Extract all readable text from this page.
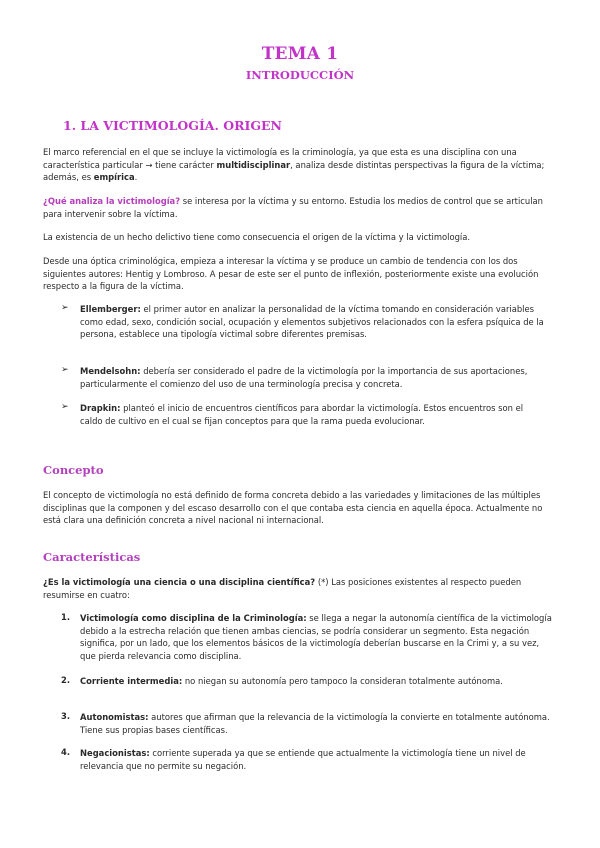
TEMA 1
INTRODUCCIÓN
1. LA VICTIMOLOGÍA. ORIGEN

El marco referencial en el que se incluye la victimología es la criminología, ya que esta es una disciplina con una característica particular → tiene carácter multidisciplinar, analiza desde distintas perspectivas la figura de la víctima; además, es empírica.

¿Qué analiza la victimología? se interesa por la víctima y su entorno. Estudia los medios de control que se articulan para intervenir sobre la víctima.

La existencia de un hecho delictivo tiene como consecuencia el origen de la víctima y la victimología.

Desde una óptica criminológica, empieza a interesar la víctima y se produce un cambio de tendencia con los dos siguientes autores: Hentig y Lombroso. A pesar de este ser el punto de inflexión, posteriormente existe una evolución respecto a la figura de la víctima.

➢ Ellemberger: el primer autor en analizar la personalidad de la víctima tomando en consideración variables como edad, sexo, condición social, ocupación y elementos subjetivos relacionados con la esfera psíquica de la persona, establece una tipología victimal sobre diferentes premisas.

➢ Mendelsohn: debería ser considerado el padre de la victimología por la importancia de sus aportaciones, particularmente el comienzo del uso de una terminología precisa y concreta.

➢ Drapkin: planteó el inicio de encuentros científicos para abordar la victimología. Estos encuentros son el caldo de cultivo en el cual se fijan conceptos para que la rama pueda evolucionar.

Concepto

El concepto de victimología no está definido de forma concreta debido a las variedades y limitaciones de las múltiples disciplinas que la componen y del escaso desarrollo con el que contaba esta ciencia en aquella época. Actualmente no está clara una definición concreta a nivel nacional ni internacional.

Características

¿Es la victimología una ciencia o una disciplina científica? (*) Las posiciones existentes al respecto pueden resumirse en cuatro:

1. Victimología como disciplina de la Criminología: se llega a negar la autonomía científica de la victimología debido a la estrecha relación que tienen ambas ciencias, se podría considerar un segmento. Esta negación significa, por un lado, que los elementos básicos de la victimología deberían buscarse en la Crimi y, a su vez, que pierda relevancia como disciplina.

2. Corriente intermedia: no niegan su autonomía pero tampoco la consideran totalmente autónoma.

3. Autonomistas: autores que afirman que la relevancia de la victimología la convierte en totalmente autónoma. Tiene sus propias bases científicas.

4. Negacionistas: corriente superada ya que se entiende que actualmente la victimología tiene un nivel de relevancia que no permite su negación.
